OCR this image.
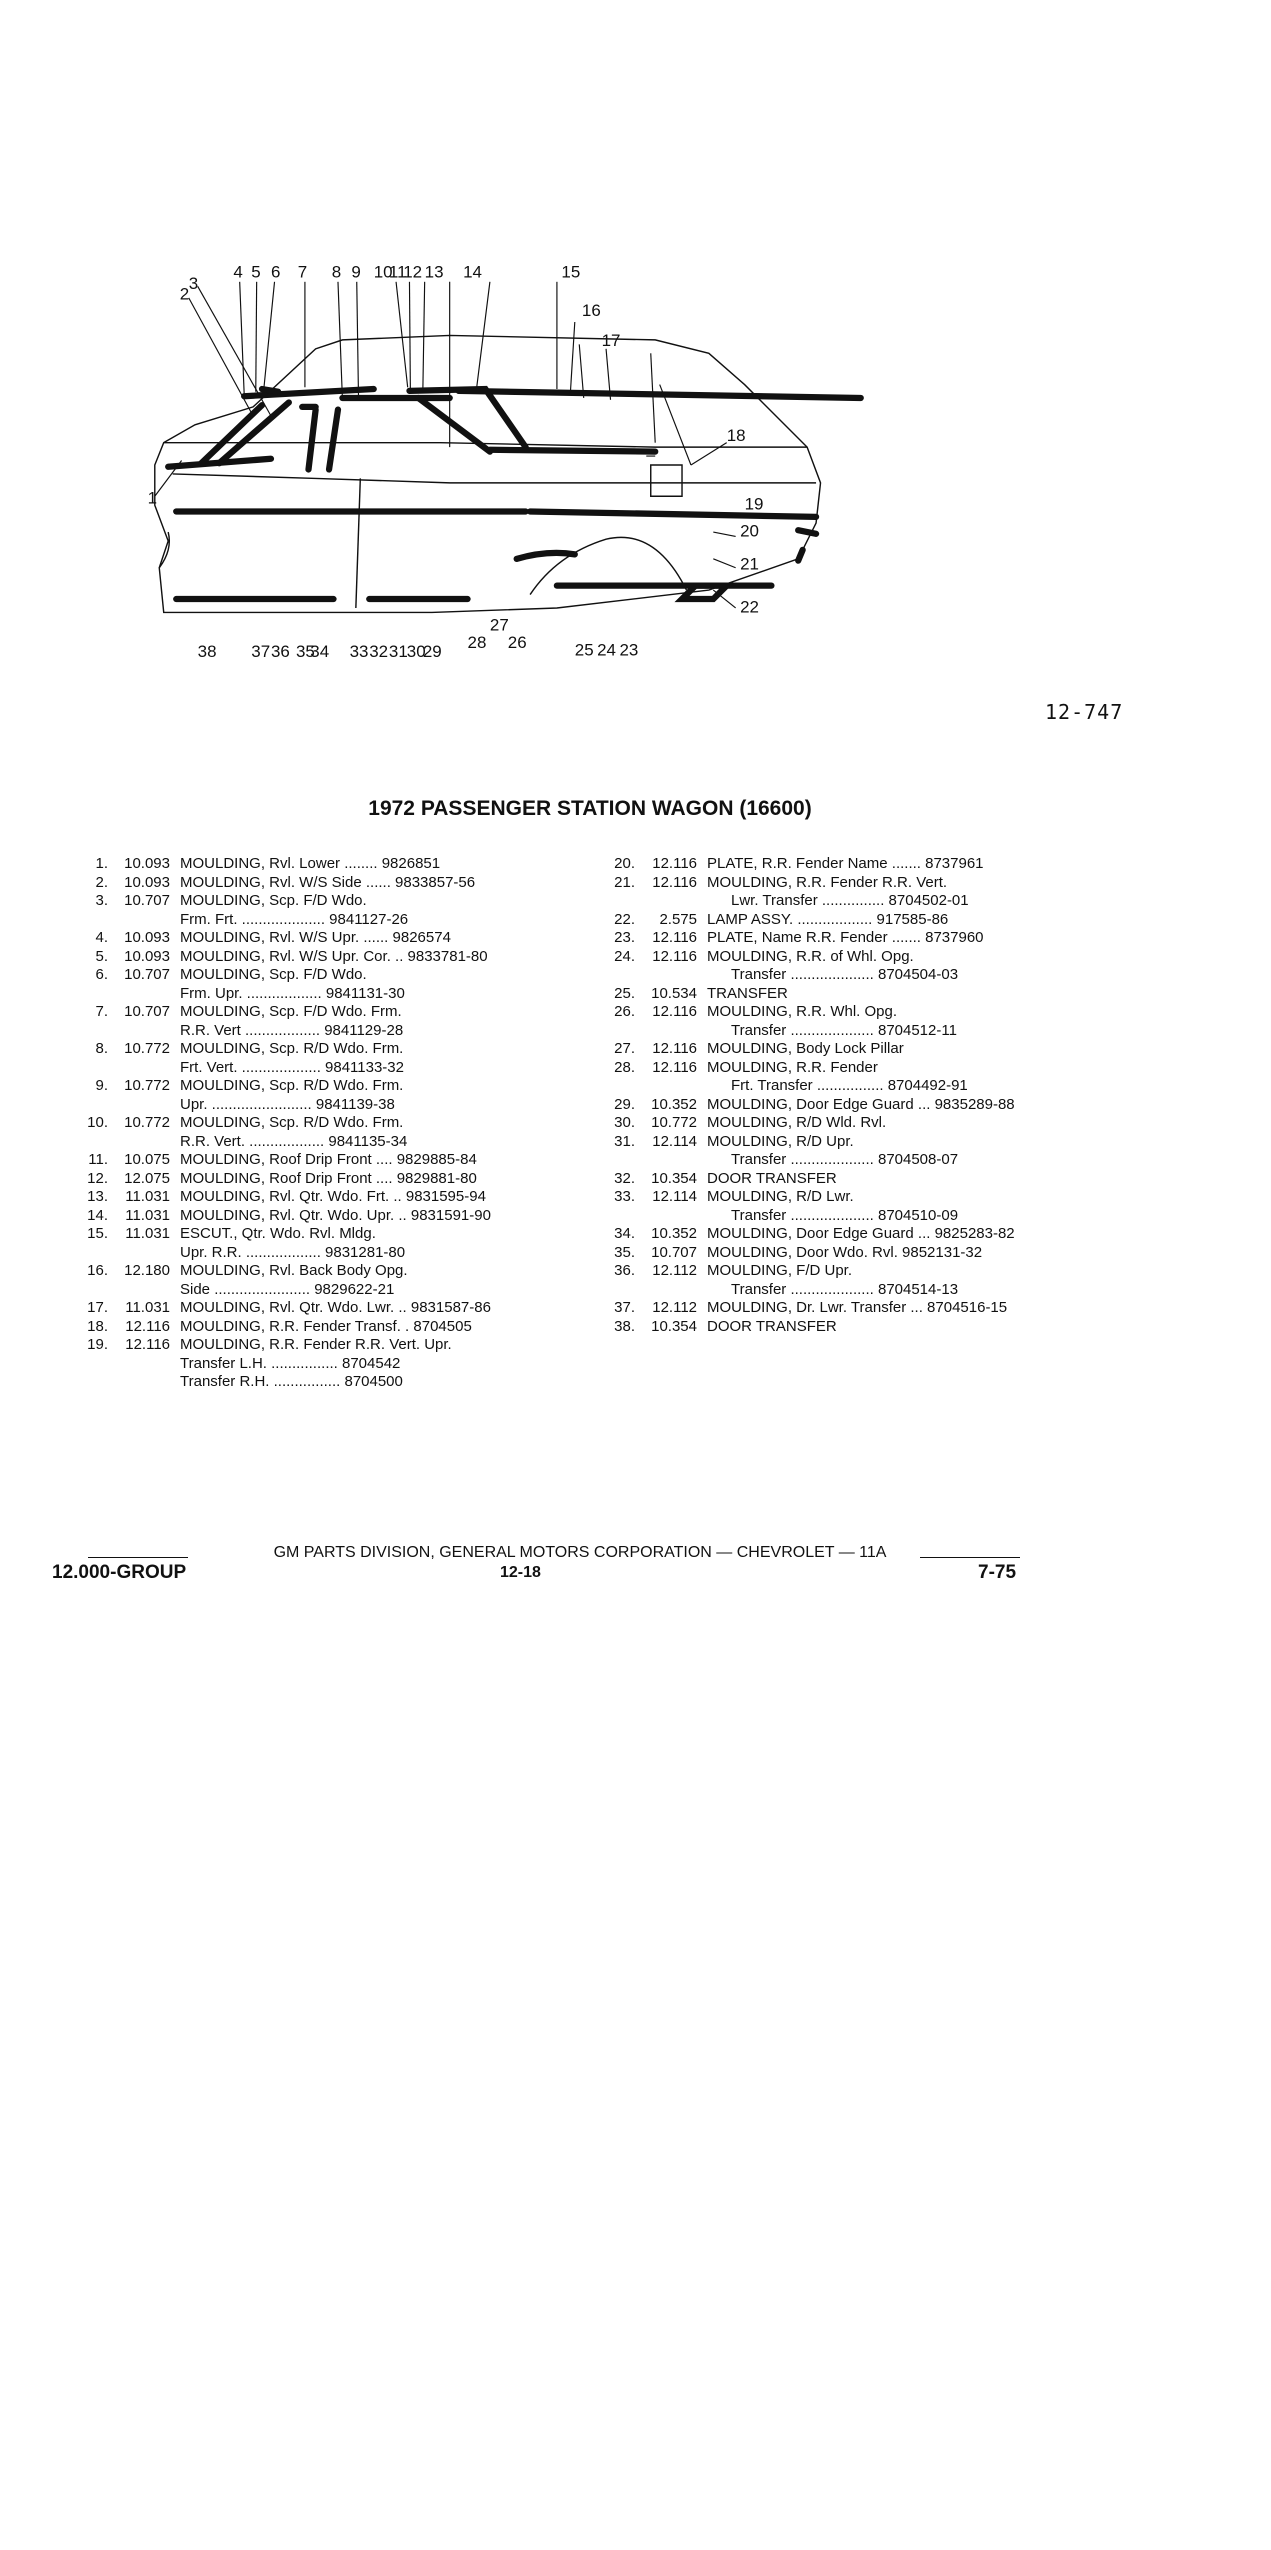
4 5 6 7 8 9 10
11
12 13 14
1
2
3
15
16
17
18
19
20
21
22
23
24
25
26
27
28
29
30
31
32
33
34
35
36
37
38
12-747
1972 PASSENGER STATION WAGON (16600)
1.	10.093 MOULDING, Rvl. Lower ........ 9826851
2.	10.093 MOULDING, Rvl. W/S Side ...... 9833857-56
3.	10.707 MOULDING, Scp. F/D Wdo.
Frm. Frt. .................... 9841127-26
4.	10.093 MOULDING, Rvl. W/S Upr. ...... 9826574
5.	10.093 MOULDING, Rvl. W/S Upr. Cor. .. 9833781-80
6.	10.707 MOULDING, Scp. F/D Wdo.
Frm. Upr. .................. 9841131-30
7.	10.707 MOULDING, Scp. F/D Wdo. Frm.
R.R. Vert .................. 9841129-28
8.	10.772 MOULDING, Scp. R/D Wdo. Frm.
Frt. Vert. ................... 9841133-32
9.	10.772 MOULDING, Scp. R/D Wdo. Frm.
Upr. ........................ 9841139-38
10.	10.772 MOULDING, Scp. R/D Wdo. Frm.
R.R. Vert. .................. 9841135-34
11.	10.075 MOULDING, Roof Drip Front .... 9829885-84
12.	12.075 MOULDING, Roof Drip Front .... 9829881-80
13.	11.031 MOULDING, Rvl. Qtr. Wdo. Frt. .. 9831595-94
14.	11.031 MOULDING, Rvl. Qtr. Wdo. Upr. .. 9831591-90
15.	11.031 ESCUT., Qtr. Wdo. Rvl. Mldg.
Upr. R.R. .................. 9831281-80
16.	12.180 MOULDING, Rvl. Back Body Opg.
Side ....................... 9829622-21
17.	11.031 MOULDING, Rvl. Qtr. Wdo. Lwr. .. 9831587-86
18.	12.116 MOULDING, R.R. Fender Transf. . 8704505
19.	12.116 MOULDING, R.R. Fender R.R. Vert. Upr.
Transfer L.H. ................ 8704542
Transfer R.H. ................ 8704500
20.	12.116 PLATE, R.R. Fender Name ....... 8737961
21.	12.116 MOULDING, R.R. Fender R.R. Vert.
Lwr. Transfer ............... 8704502-01
22.	2.575 LAMP ASSY. .................. 917585-86
23.	12.116 PLATE, Name R.R. Fender ....... 8737960
24.	12.116 MOULDING, R.R. of Whl. Opg.
Transfer .................... 8704504-03
25.	10.534 TRANSFER
26.	12.116 MOULDING, R.R. Whl. Opg.
Transfer .................... 8704512-11
27.	12.116 MOULDING, Body Lock Pillar
28.	12.116 MOULDING, R.R. Fender
Frt. Transfer ................ 8704492-91
29.	10.352 MOULDING, Door Edge Guard ... 9835289-88
30.	10.772 MOULDING, R/D Wld. Rvl.
31.	12.114 MOULDING, R/D Upr.
Transfer .................... 8704508-07
32.	10.354 DOOR TRANSFER
33.	12.114 MOULDING, R/D Lwr.
Transfer .................... 8704510-09
34.	10.352 MOULDING, Door Edge Guard ... 9825283-82
35.	10.707 MOULDING, Door Wdo. Rvl. 9852131-32
36.	12.112 MOULDING, F/D Upr.
Transfer .................... 8704514-13
37.	12.112 MOULDING, Dr. Lwr. Transfer ... 8704516-15
38.	10.354 DOOR TRANSFER
GM PARTS DIVISION, GENERAL MOTORS CORPORATION — CHEVROLET — 11A
12.000-GROUP	12-18	7-75
